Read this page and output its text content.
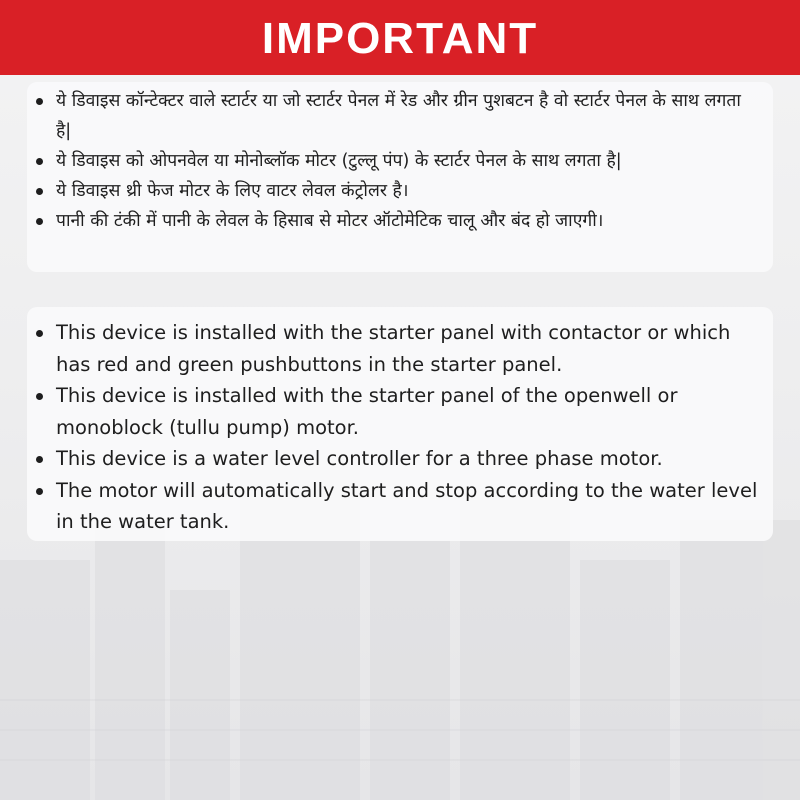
IMPORTANT
ये डिवाइस कॉन्टेक्टर वाले स्टार्टर या जो स्टार्टर पेनल में रेड और ग्रीन पुशबटन है वो स्टार्टर पेनल के साथ लगता है|
ये डिवाइस को ओपनवेल या मोनोब्लॉक मोटर (टुल्लू पंप) के स्टार्टर पेनल के साथ लगता है|
ये डिवाइस थ्री फेज मोटर के लिए वाटर लेवल कंट्रोलर है।
पानी की टंकी में पानी के लेवल के हिसाब से मोटर ऑटोमेटिक चालू और बंद हो जाएगी।
This device is installed with the starter panel with contactor or which has red and green pushbuttons in the starter panel.
This device is installed with the starter panel of the openwell or monoblock (tullu pump) motor.
This device is a water level controller for a three phase motor.
The motor will automatically start and stop according to the water level in the water tank.
